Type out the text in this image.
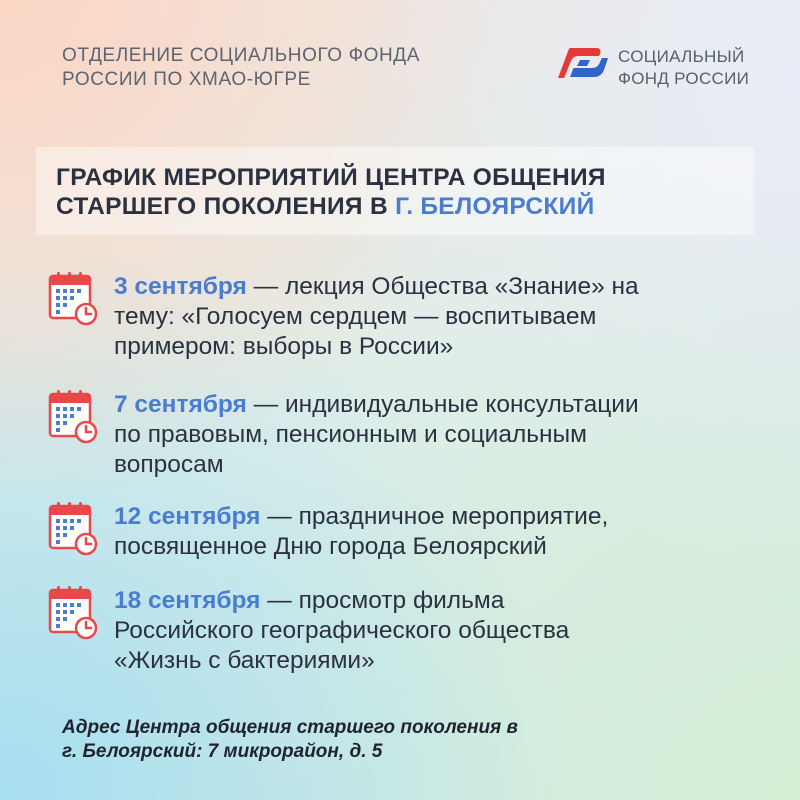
ОТДЕЛЕНИЕ СОЦИАЛЬНОГО ФОНДА
РОССИИ ПО ХМАО-ЮГРЕ
СОЦИАЛЬНЫЙ
ФОНД РОССИИ
ГРАФИК МЕРОПРИЯТИЙ ЦЕНТРА ОБЩЕНИЯ
СТАРШЕГО ПОКОЛЕНИЯ В Г. БЕЛОЯРСКИЙ
3 сентября — лекция Общества «Знание» на
тему: «Голосуем сердцем — воспитываем
примером: выборы в России»
7 сентября — индивидуальные консультации
по правовым, пенсионным и социальным
вопросам
12 сентября — праздничное мероприятие,
посвященное Дню города Белоярский
18 сентября — просмотр фильма
Российского географического общества
«Жизнь с бактериями»
Адрес Центра общения старшего поколения в
г. Белоярский: 7 микрорайон, д. 5
